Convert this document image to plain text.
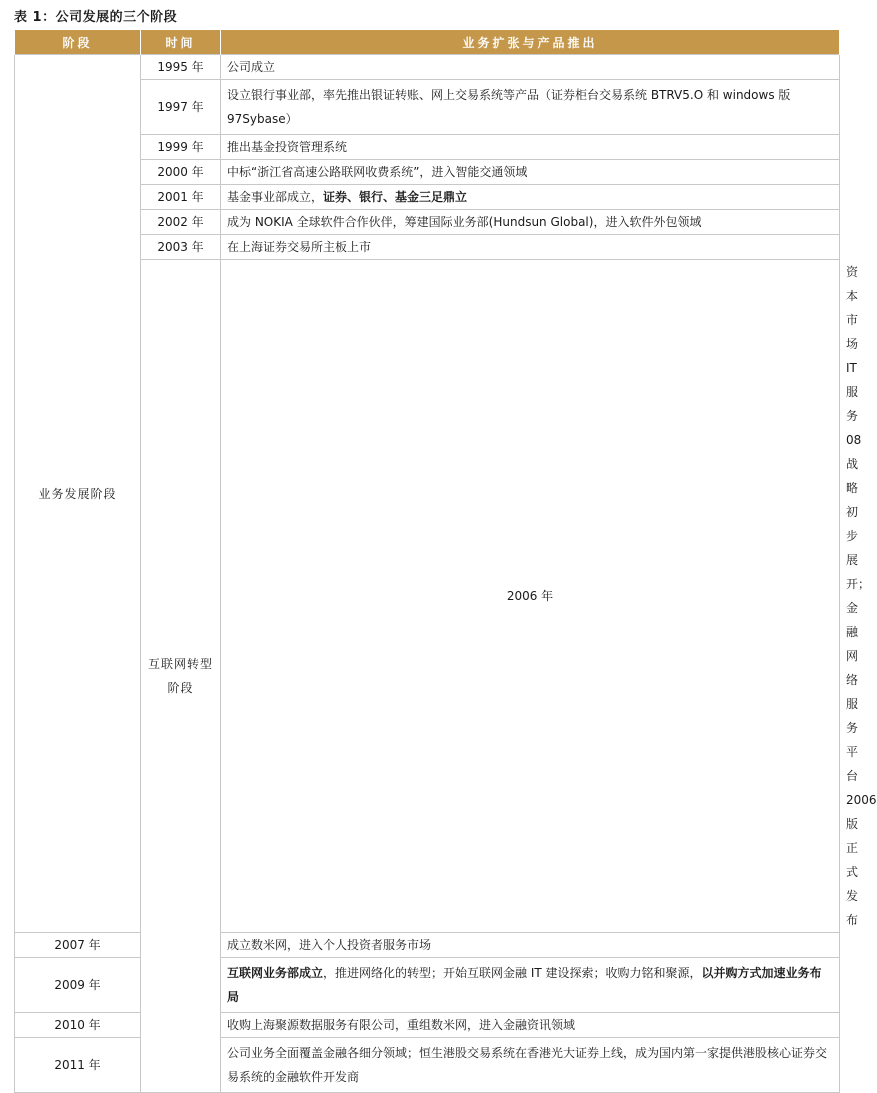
表 1：公司发展的三个阶段
阶段	时间	业务扩张与产品推出	
业务发展阶段	1995 年	公司成立	
	1997 年	设立银行事业部，率先推出银证转账、网上交易系统等产品（证券柜台交易系统 BTRV5.O 和 windows 版 97Sybase）	
	1999 年	推出基金投资管理系统	
	2000 年	中标“浙江省高速公路联网收费系统”，进入智能交通领域	
	2001 年	基金事业部成立，证券、银行、基金三足鼎立	
	2002 年	成为 NOKIA 全球软件合作伙伴，筹建国际业务部(Hundsun Global)，进入软件外包领域	
	2003 年	在上海证券交易所主板上市	
	互联网转型阶段	2006 年	资本市场 IT 服务 08 战略初步展开；金融网络服务平台 2006 版正式发布
2007 年		成立数米网，进入个人投资者服务市场	
2009 年		互联网业务部成立，推进网络化的转型；开始互联网金融 IT 建设探索；收购力铭和聚源，以并购方式加速业务布局	
2010 年		收购上海聚源数据服务有限公司，重组数米网，进入金融资讯领域	
2011 年		公司业务全面覆盖金融各细分领域；恒生港股交易系统在香港光大证券上线，成为国内第一家提供港股核心证券交易系统的金融软件开发商	
